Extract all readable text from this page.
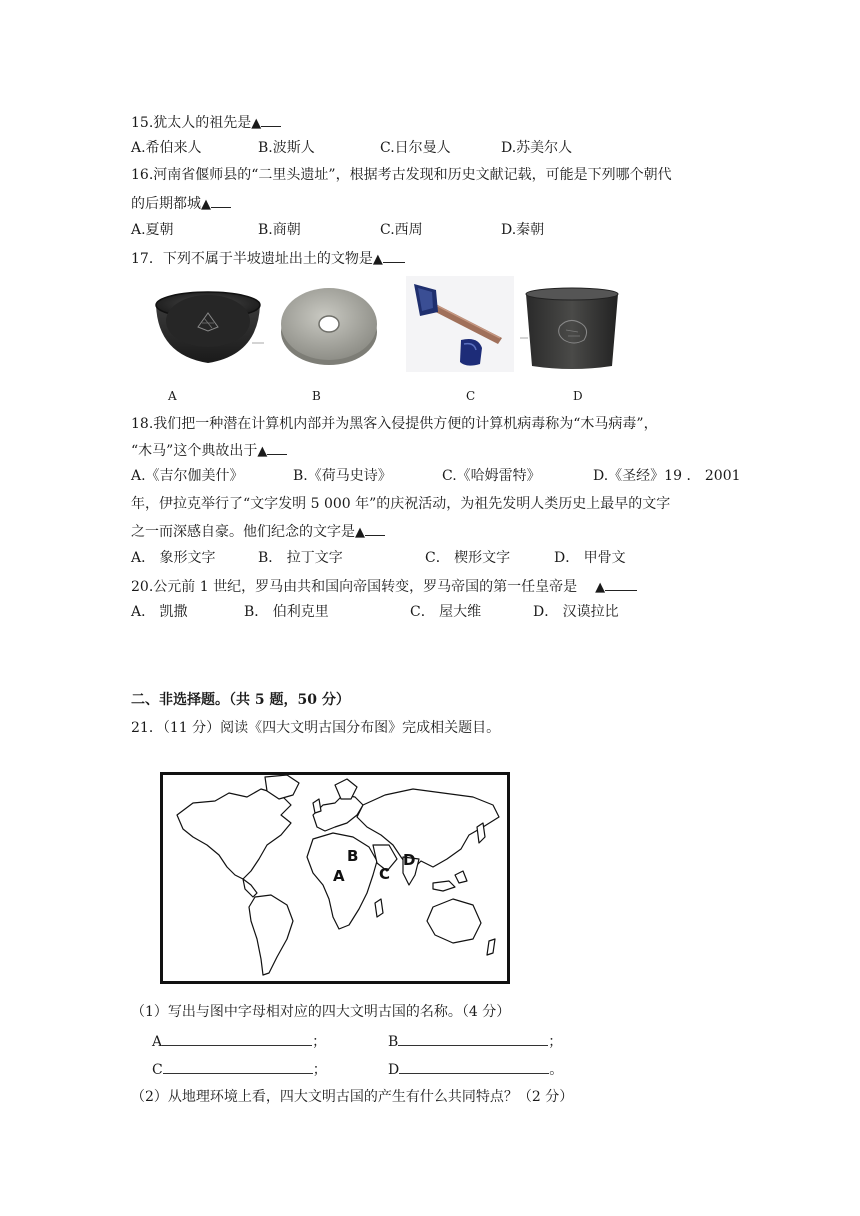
15.犹太人的祖先是▲
A.希伯来人	B.波斯人	C.日尔曼人	D.苏美尔人
16.河南省偃师县的“二里头遗址”，根据考古发现和历史文献记载，可能是下列哪个朝代
的后期都城▲
A.夏朝	B.商朝	C.西周	D.秦朝
17．下列不属于半坡遗址出土的文物是▲
A	B	C	D
18.我们把一种潜在计算机内部并为黑客入侵提供方便的计算机病毒称为“木马病毒”，
“木马”这个典故出于▲
A.《吉尔伽美什》	B.《荷马史诗》	C.《哈姆雷特》	D.《圣经》19 ． 2001
年，伊拉克举行了“文字发明 5 000 年”的庆祝活动，为祖先发明人类历史上最早的文字
之一而深感自豪。他们纪念的文字是▲
A． 象形文字	B． 拉丁文字	C． 楔形文字	D． 甲骨文
20.公元前 1 世纪，罗马由共和国向帝国转变，罗马帝国的第一任皇帝是 ▲
A． 凯撒	B． 伯利克里	C． 屋大维	D． 汉谟拉比
二、非选择题。（共 5 题，50 分）
21．（11 分）阅读《四大文明古国分布图》完成相关题目。
A
B
C
D
（1）写出与图中字母相对应的四大文明古国的名称。（4 分）
A	；	B	；
C	；	D	。
（2）从地理环境上看，四大文明古国的产生有什么共同特点？（2 分）
